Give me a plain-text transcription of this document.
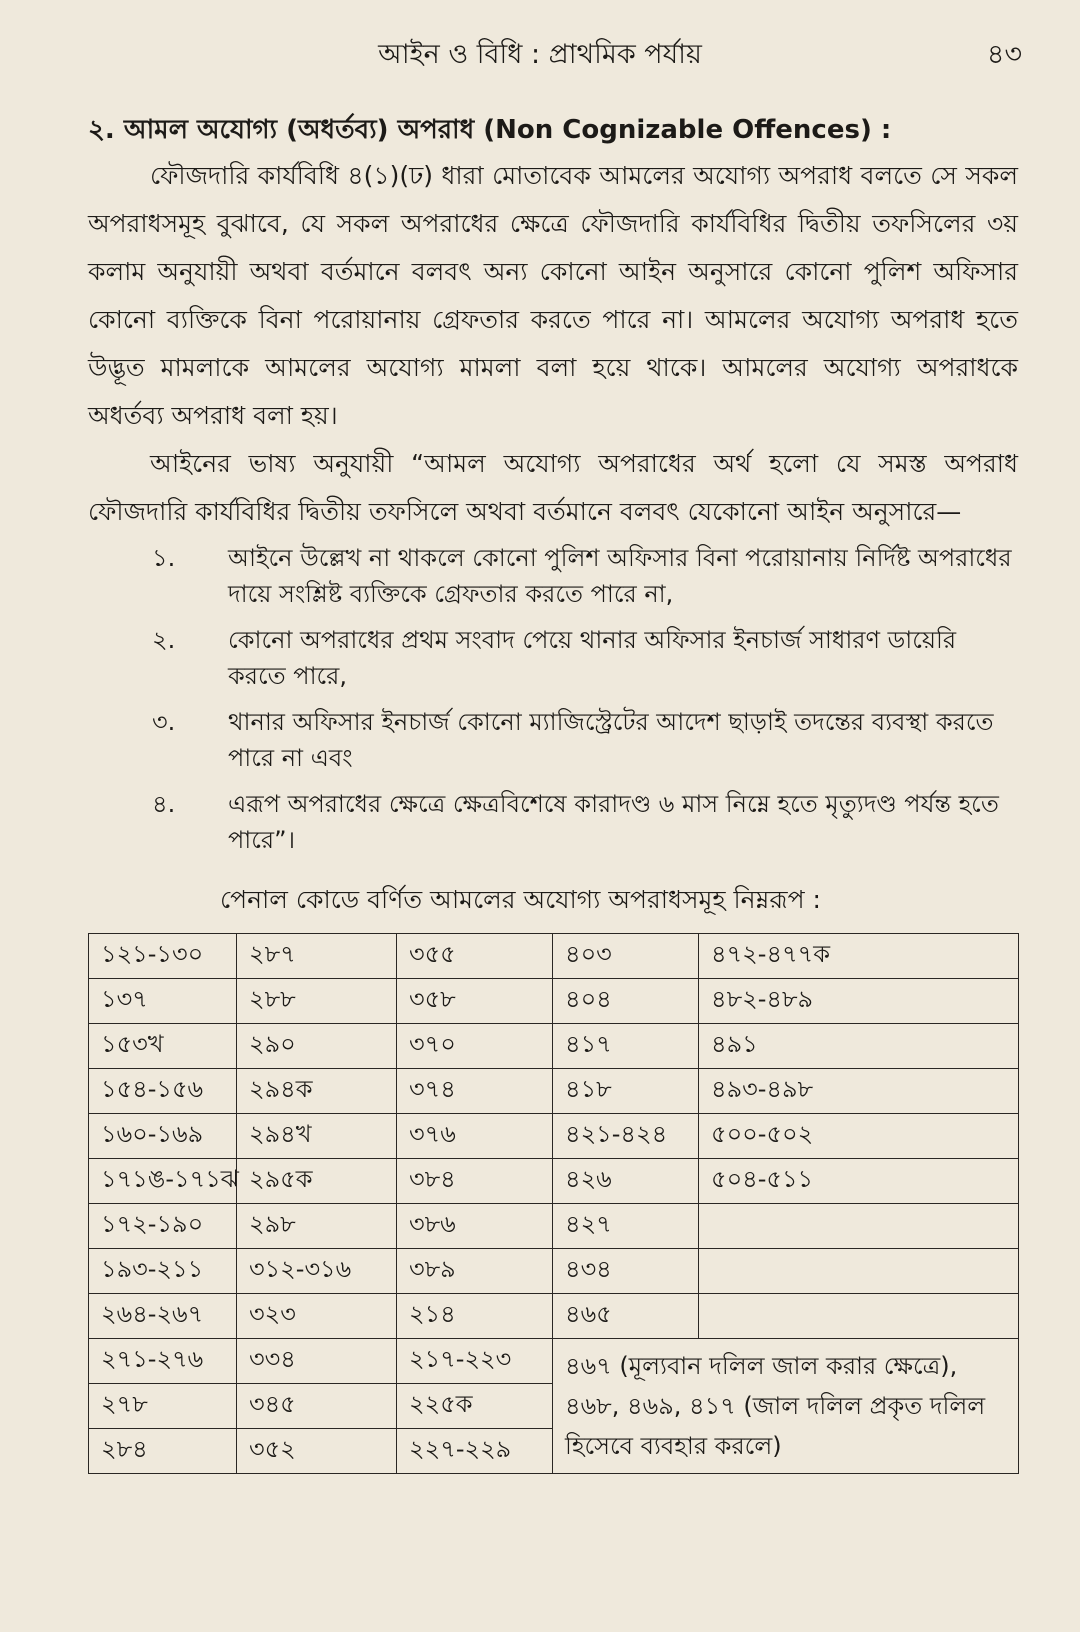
আইন ও বিধি : প্রাথমিক পর্যায়	৪৩
২. আমল অযোগ্য (অধর্তব্য) অপরাধ (Non Cognizable Offences) :

ফৌজদারি কার্যবিধি ৪(১)(ঢ) ধারা মোতাবেক আমলের অযোগ্য অপরাধ বলতে সে সকল অপরাধসমূহ বুঝাবে, যে সকল অপরাধের ক্ষেত্রে ফৌজদারি কার্যবিধির দ্বিতীয় তফসিলের ৩য় কলাম অনুযায়ী অথবা বর্তমানে বলবৎ অন্য কোনো আইন অনুসারে কোনো পুলিশ অফিসার কোনো ব্যক্তিকে বিনা পরোয়ানায় গ্রেফতার করতে পারে না। আমলের অযোগ্য অপরাধ হতে উদ্ভূত মামলাকে আমলের অযোগ্য মামলা বলা হয়ে থাকে। আমলের অযোগ্য অপরাধকে অধর্তব্য অপরাধ বলা হয়।

আইনের ভাষ্য অনুযায়ী “আমল অযোগ্য অপরাধের অর্থ হলো যে সমস্ত অপরাধ ফৌজদারি কার্যবিধির দ্বিতীয় তফসিলে অথবা বর্তমানে বলবৎ যেকোনো আইন অনুসারে—

১. আইনে উল্লেখ না থাকলে কোনো পুলিশ অফিসার বিনা পরোয়ানায় নির্দিষ্ট অপরাধের দায়ে সংশ্লিষ্ট ব্যক্তিকে গ্রেফতার করতে পারে না,
২. কোনো অপরাধের প্রথম সংবাদ পেয়ে থানার অফিসার ইনচার্জ সাধারণ ডায়েরি করতে পারে,
৩. থানার অফিসার ইনচার্জ কোনো ম্যাজিস্ট্রেটের আদেশ ছাড়াই তদন্তের ব্যবস্থা করতে পারে না এবং
৪. এরূপ অপরাধের ক্ষেত্রে ক্ষেত্রবিশেষে কারাদণ্ড ৬ মাস নিম্নে হতে মৃত্যুদণ্ড পর্যন্ত হতে পারে”।
পেনাল কোডে বর্ণিত আমলের অযোগ্য অপরাধসমূহ নিম্নরূপ :
১২১-১৩০	২৮৭	৩৫৫	৪০৩	৪৭২-৪৭৭ক
১৩৭	২৮৮	৩৫৮	৪০৪	৪৮২-৪৮৯
১৫৩খ	২৯০	৩৭০	৪১৭	৪৯১
১৫৪-১৫৬	২৯৪ক	৩৭৪	৪১৮	৪৯৩-৪৯৮
১৬০-১৬৯	২৯৪খ	৩৭৬	৪২১-৪২৪	৫০০-৫০২
১৭১ঙ-১৭১ঝ	২৯৫ক	৩৮৪	৪২৬	৫০৪-৫১১
১৭২-১৯০	২৯৮	৩৮৬	৪২৭	
১৯৩-২১১	৩১২-৩১৬	৩৮৯	৪৩৪	
২৬৪-২৬৭	৩২৩	২১৪	৪৬৫	
২৭১-২৭৬	৩৩৪	২১৭-২২৩	৪৬৭ (মূল্যবান দলিল জাল করার ক্ষেত্রে), ৪৬৮, ৪৬৯, ৪১৭ (জাল দলিল প্রকৃত দলিল হিসেবে ব্যবহার করলে)	
২৭৮	৩৪৫	২২৫ক		
২৮৪	৩৫২	২২৭-২২৯		
